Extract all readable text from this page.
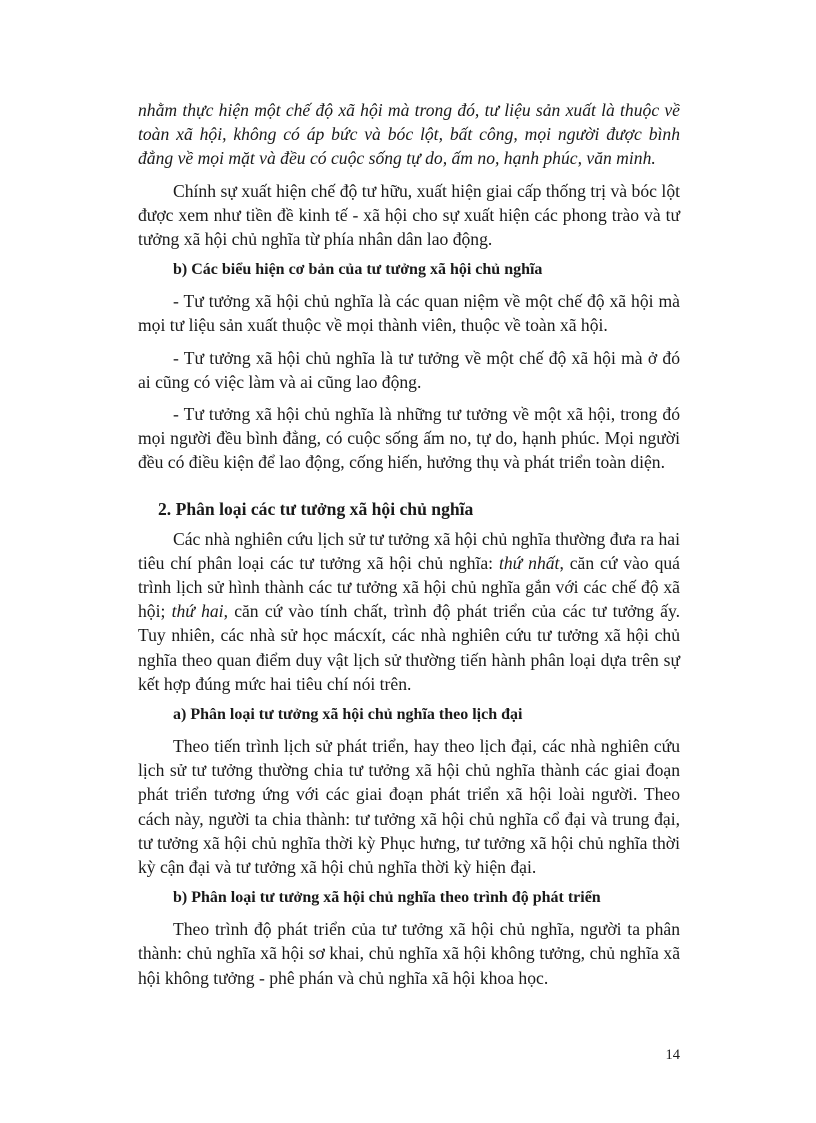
nhằm thực hiện một chế độ xã hội mà trong đó, tư liệu sản xuất là thuộc về toàn xã hội, không có áp bức và bóc lột, bất công, mọi người được bình đẳng về mọi mặt và đều có cuộc sống tự do, ấm no, hạnh phúc, văn minh.

Chính sự xuất hiện chế độ tư hữu, xuất hiện giai cấp thống trị và bóc lột được xem như tiền đề kinh tế - xã hội cho sự xuất hiện các phong trào và tư tưởng xã hội chủ nghĩa từ phía nhân dân lao động.

b) Các biểu hiện cơ bản của tư tưởng xã hội chủ nghĩa

- Tư tưởng xã hội chủ nghĩa là các quan niệm về một chế độ xã hội mà mọi tư liệu sản xuất thuộc về mọi thành viên, thuộc về toàn xã hội.

- Tư tưởng xã hội chủ nghĩa là tư tưởng về một chế độ xã hội mà ở đó ai cũng có việc làm và ai cũng lao động.

- Tư tưởng xã hội chủ nghĩa là những tư tưởng về một xã hội, trong đó mọi người đều bình đẳng, có cuộc sống ấm no, tự do, hạnh phúc. Mọi người đều có điều kiện để lao động, cống hiến, hưởng thụ và phát triển toàn diện.

2. Phân loại các tư tưởng xã hội chủ nghĩa

Các nhà nghiên cứu lịch sử tư tưởng xã hội chủ nghĩa thường đưa ra hai tiêu chí phân loại các tư tưởng xã hội chủ nghĩa: thứ nhất, căn cứ vào quá trình lịch sử hình thành các tư tưởng xã hội chủ nghĩa gắn với các chế độ xã hội; thứ hai, căn cứ vào tính chất, trình độ phát triển của các tư tưởng ấy. Tuy nhiên, các nhà sử học mácxít, các nhà nghiên cứu tư tưởng xã hội chủ nghĩa theo quan điểm duy vật lịch sử thường tiến hành phân loại dựa trên sự kết hợp đúng mức hai tiêu chí nói trên.

a) Phân loại tư tưởng xã hội chủ nghĩa theo lịch đại

Theo tiến trình lịch sử phát triển, hay theo lịch đại, các nhà nghiên cứu lịch sử tư tưởng thường chia tư tưởng xã hội chủ nghĩa thành các giai đoạn phát triển tương ứng với các giai đoạn phát triển xã hội loài người. Theo cách này, người ta chia thành: tư tưởng xã hội chủ nghĩa cổ đại và trung đại, tư tưởng xã hội chủ nghĩa thời kỳ Phục hưng, tư tưởng xã hội chủ nghĩa thời kỳ cận đại và tư tưởng xã hội chủ nghĩa thời kỳ hiện đại.

b) Phân loại tư tưởng xã hội chủ nghĩa theo trình độ phát triển

Theo trình độ phát triển của tư tưởng xã hội chủ nghĩa, người ta phân thành: chủ nghĩa xã hội sơ khai, chủ nghĩa xã hội không tưởng, chủ nghĩa xã hội không tưởng - phê phán và chủ nghĩa xã hội khoa học.

14
